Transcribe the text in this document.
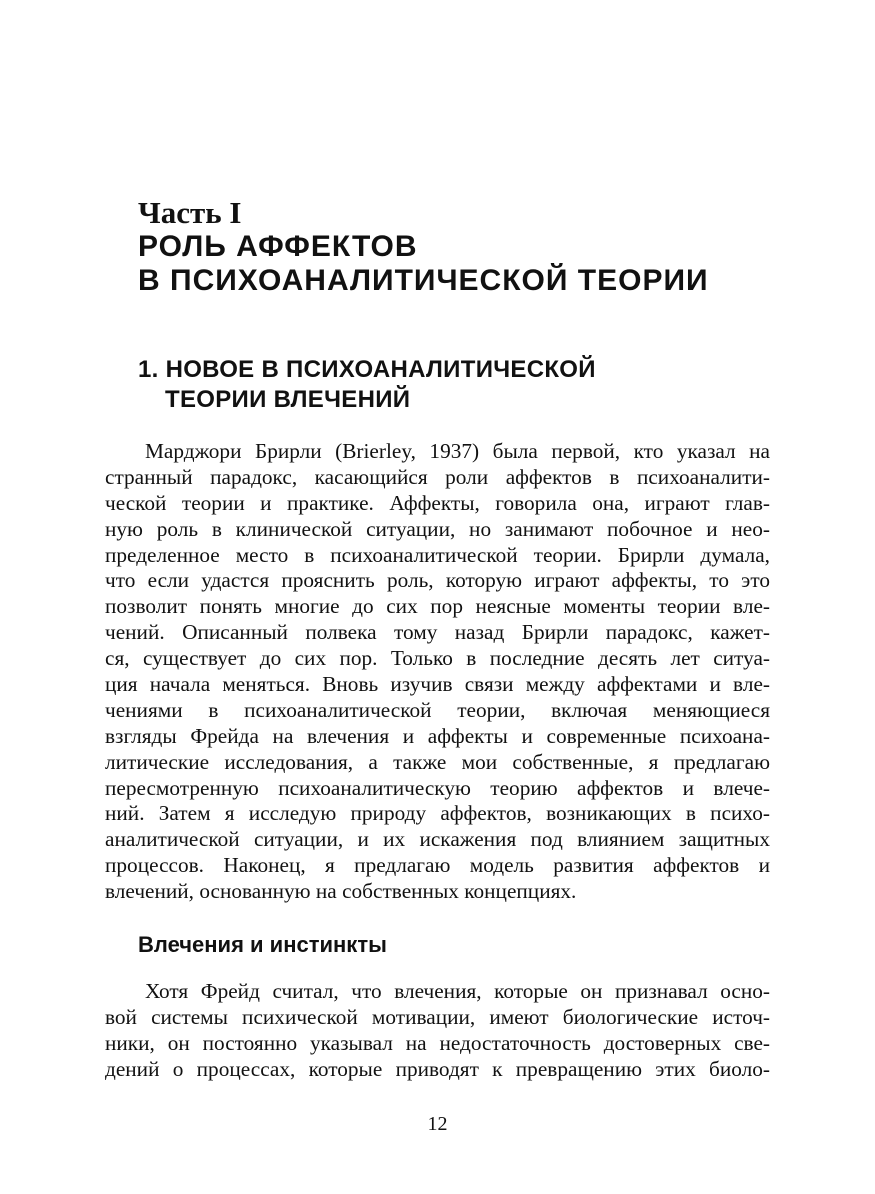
Часть I
РОЛЬ АФФЕКТОВ
В ПСИХОАНАЛИТИЧЕСКОЙ ТЕОРИИ
1. НОВОЕ В ПСИХОАНАЛИТИЧЕСКОЙ
ТЕОРИИ ВЛЕЧЕНИЙ

Марджори Брирли (Brierley, 1937) была первой, кто указал на
странный парадокс, касающийся роли аффектов в психоаналити-
ческой теории и практике. Аффекты, говорила она, играют глав-
ную роль в клинической ситуации, но занимают побочное и нео-
пределенное место в психоаналитической теории. Брирли думала,
что если удастся прояснить роль, которую играют аффекты, то это
позволит понять многие до сих пор неясные моменты теории вле-
чений. Описанный полвека тому назад Брирли парадокс, кажет-
ся, существует до сих пор. Только в последние десять лет ситуа-
ция начала меняться. Вновь изучив связи между аффектами и вле-
чениями в психоаналитической теории, включая меняющиеся
взгляды Фрейда на влечения и аффекты и современные психоана-
литические исследования, а также мои собственные, я предлагаю
пересмотренную психоаналитическую теорию аффектов и влече-
ний. Затем я исследую природу аффектов, возникающих в психо-
аналитической ситуации, и их искажения под влиянием защитных
процессов. Наконец, я предлагаю модель развития аффектов и
влечений, основанную на собственных концепциях.

Влечения и инстинкты

Хотя Фрейд считал, что влечения, которые он признавал осно-
вой системы психической мотивации, имеют биологические источ-
ники, он постоянно указывал на недостаточность достоверных све-
дений о процессах, которые приводят к превращению этих биоло-

12
